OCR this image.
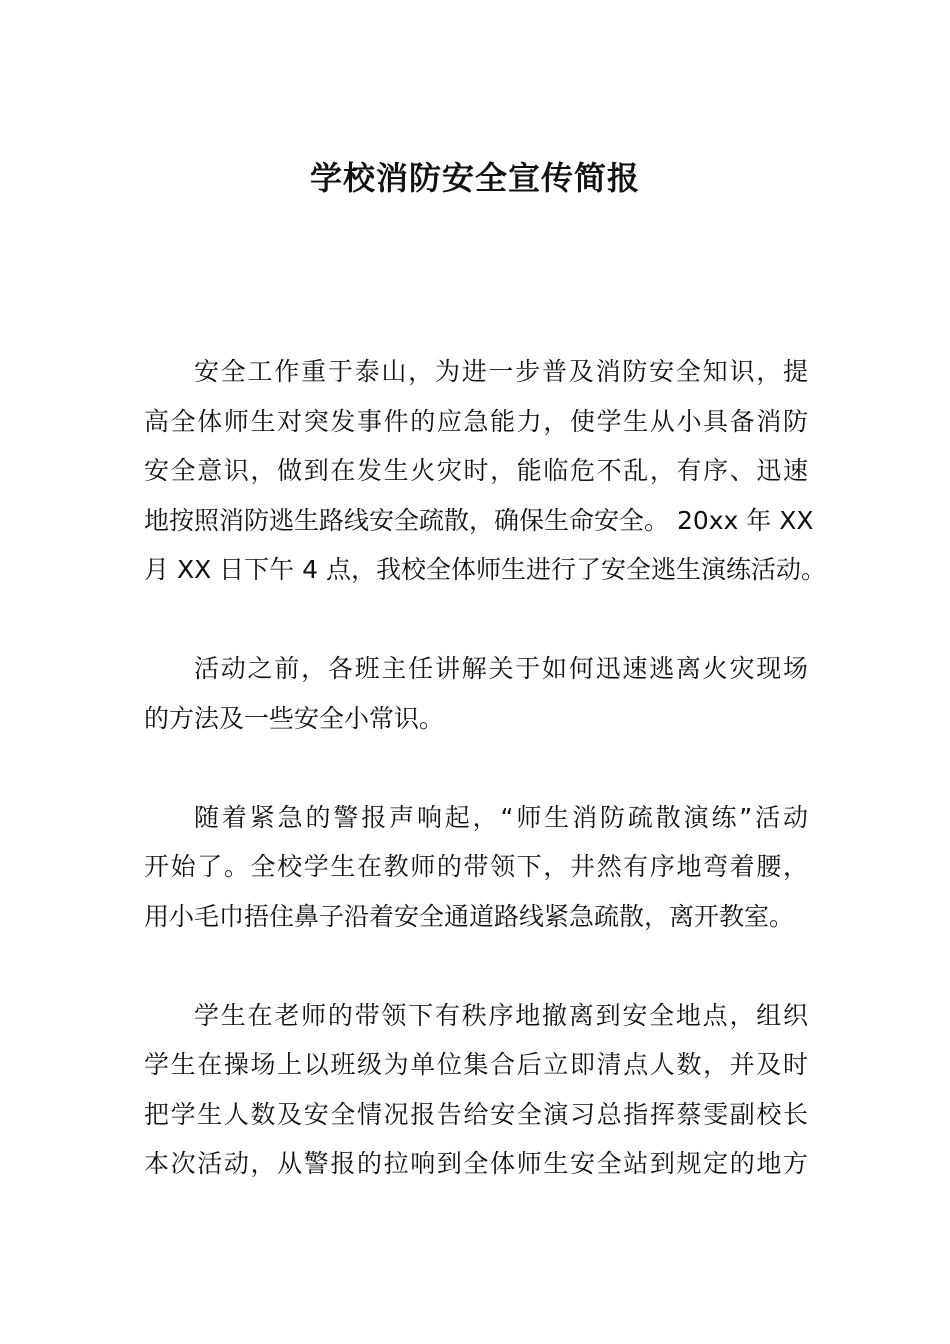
学校消防安全宣传简报

安全工作重于泰山，为进一步普及消防安全知识，提
高全体师生对突发事件的应急能力，使学生从小具备消防
安全意识，做到在发生火灾时，能临危不乱，有序、迅速
地按照消防逃生路线安全疏散，确保生命安全。 20xx 年 XX
月 XX 日下午 4 点，我校全体师生进行了安全逃生演练活动。

活动之前，各班主任讲解关于如何迅速逃离火灾现场
的方法及一些安全小常识。

随着紧急的警报声响起，“师生消防疏散演练”活动
开始了。全校学生在教师的带领下，井然有序地弯着腰，
用小毛巾捂住鼻子沿着安全通道路线紧急疏散，离开教室。

学生在老师的带领下有秩序地撤离到安全地点，组织
学生在操场上以班级为单位集合后立即清点人数，并及时
把学生人数及安全情况报告给安全演习总指挥蔡雯副校长
本次活动，从警报的拉响到全体师生安全站到规定的地方
